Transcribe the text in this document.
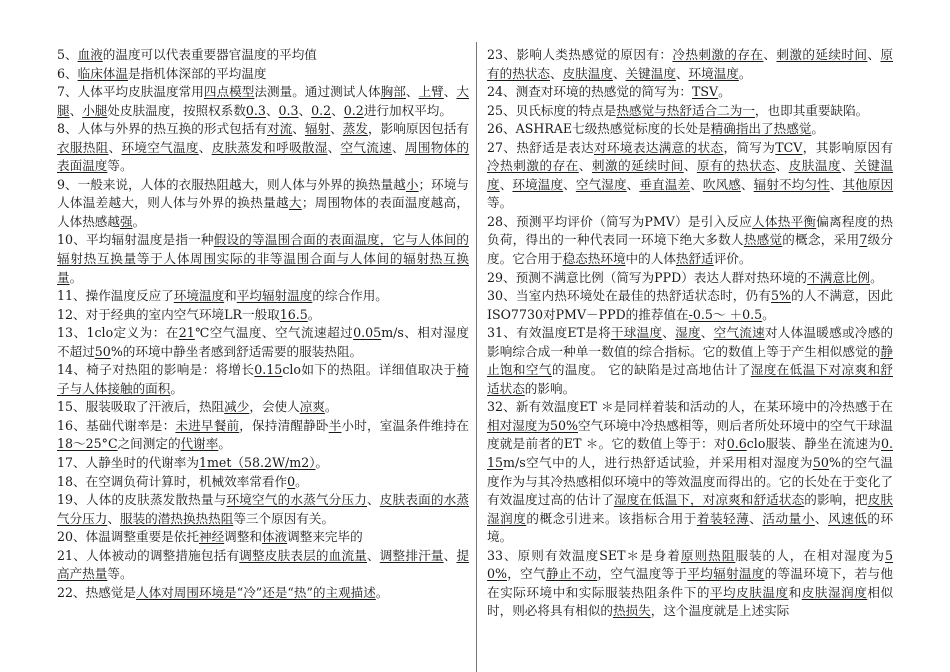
5、血液的温度可以代表重要器官温度的平均值

6、临床体温是指机体深部的平均温度

7、人体平均皮肤温度常用四点模型法测量。通过测试人体胸部、上臂、大腿、小腿处皮肤温度，按照权系数0.3、0.3、0.2、0.2进行加权平均。

8、人体与外界的热互换的形式包括有对流、辐射、蒸发，影响原因包括有衣服热阻、环境空气温度、皮肤蒸发和呼吸散湿、空气流速、周围物体的表面温度等。

9、一般来说，人体的衣服热阻越大，则人体与外界的换热量越小；环境与人体温差越大，则人体与外界的换热量越大；周围物体的表面温度越高，人体热感越强。

10、平均辐射温度是指一种假设的等温围合面的表面温度，它与人体间的辐射热互换量等于人体周围实际的非等温围合面与人体间的辐射热互换量。

11、操作温度反应了环境温度和平均辐射温度的综合作用。

12、对于经典的室内空气环境LR一般取16.5。

13、1clo定义为：在21℃空气温度、空气流速超过0.05m/s、相对湿度不超过50%的环境中静坐者感到舒适需要的服装热阻。

14、椅子对热阻的影响是：将增长0.15clo如下的热阻。详细值取决于椅子与人体接触的面积。

15、服装吸取了汗液后，热阻减少，会使人凉爽。

16、基础代谢率是：未进早餐前，保持清醒静卧半小时，室温条件维持在18～25°C之间测定的代谢率。

17、人静坐时的代谢率为1met（58.2W/m2）。

18、在空调负荷计算时，机械效率常看作0。

19、人体的皮肤蒸发散热量与环境空气的水蒸气分压力、皮肤表面的水蒸气分压力、服装的潜热换热热阻等三个原因有关。

20、体温调整重要是依托神经调整和体液调整来完毕的

21、人体被动的调整措施包括有调整皮肤表层的血流量、调整排汗量、提高产热量等。

22、热感觉是人体对周围环境是“冷”还是“热”的主观描述。

23、影响人类热感觉的原因有：冷热刺激的存在、刺激的延续时间、原有的热状态、皮肤温度、关键温度、环境温度。

24、测查对环境的热感觉的简写为：TSV。

25、贝氏标度的特点是热感觉与热舒适合二为一，也即其重要缺陷。

26、ASHRAE七级热感觉标度的长处是精确指出了热感觉。

27、热舒适是表达对环境表达满意的状态，简写为TCV，其影响原因有冷热刺激的存在、刺激的延续时间、原有的热状态、皮肤温度、关键温度、环境温度、空气湿度、垂直温差、吹风感、辐射不均匀性、其他原因等。

28、预测平均评价（简写为PMV）是引入反应人体热平衡偏离程度的热负荷，得出的一种代表同一环境下绝大多数人热感觉的概念，采用7级分度。它合用于稳态热环境中的人体热舒适评价。

29、预测不满意比例（简写为PPD）表达人群对热环境的不满意比例。

30、当室内热环境处在最佳的热舒适状态时，仍有5%的人不满意，因此ISO7730对PMV－PPD的推荐值在-0.5～ ＋0.5。

31、有效温度ET是将干球温度、湿度、空气流速对人体温暖感或冷感的影响综合成一种单一数值的综合指标。它的数值上等于产生相似感觉的静止饱和空气的温度。 它的缺陷是过高地估计了湿度在低温下对凉爽和舒适状态的影响。

32、新有效温度ET ＊是同样着装和活动的人，在某环境中的冷热感于在相对湿度为50%空气环境中冷热感相等，则后者所处环境中的空气干球温度就是前者的ET ＊。它的数值上等于：对0.6clo服装、静坐在流速为0.15m/s空气中的人，进行热舒适试验，并采用相对湿度为50%的空气温度作为与其冷热感相似环境中的等效温度而得出的。它的长处在于变化了有效温度过高的估计了湿度在低温下，对凉爽和舒适状态的影响，把皮肤湿润度的概念引进来。该指标合用于着装轻薄、活动量小、风速低的环境。

33、原则有效温度SET＊是身着原则热阻服装的人，在相对湿度为50%，空气静止不动，空气温度等于平均辐射温度的等温环境下，若与他在实际环境中和实际服装热阻条件下的平均皮肤温度和皮肤湿润度相似时，则必将具有相似的热损失，这个温度就是上述实际
